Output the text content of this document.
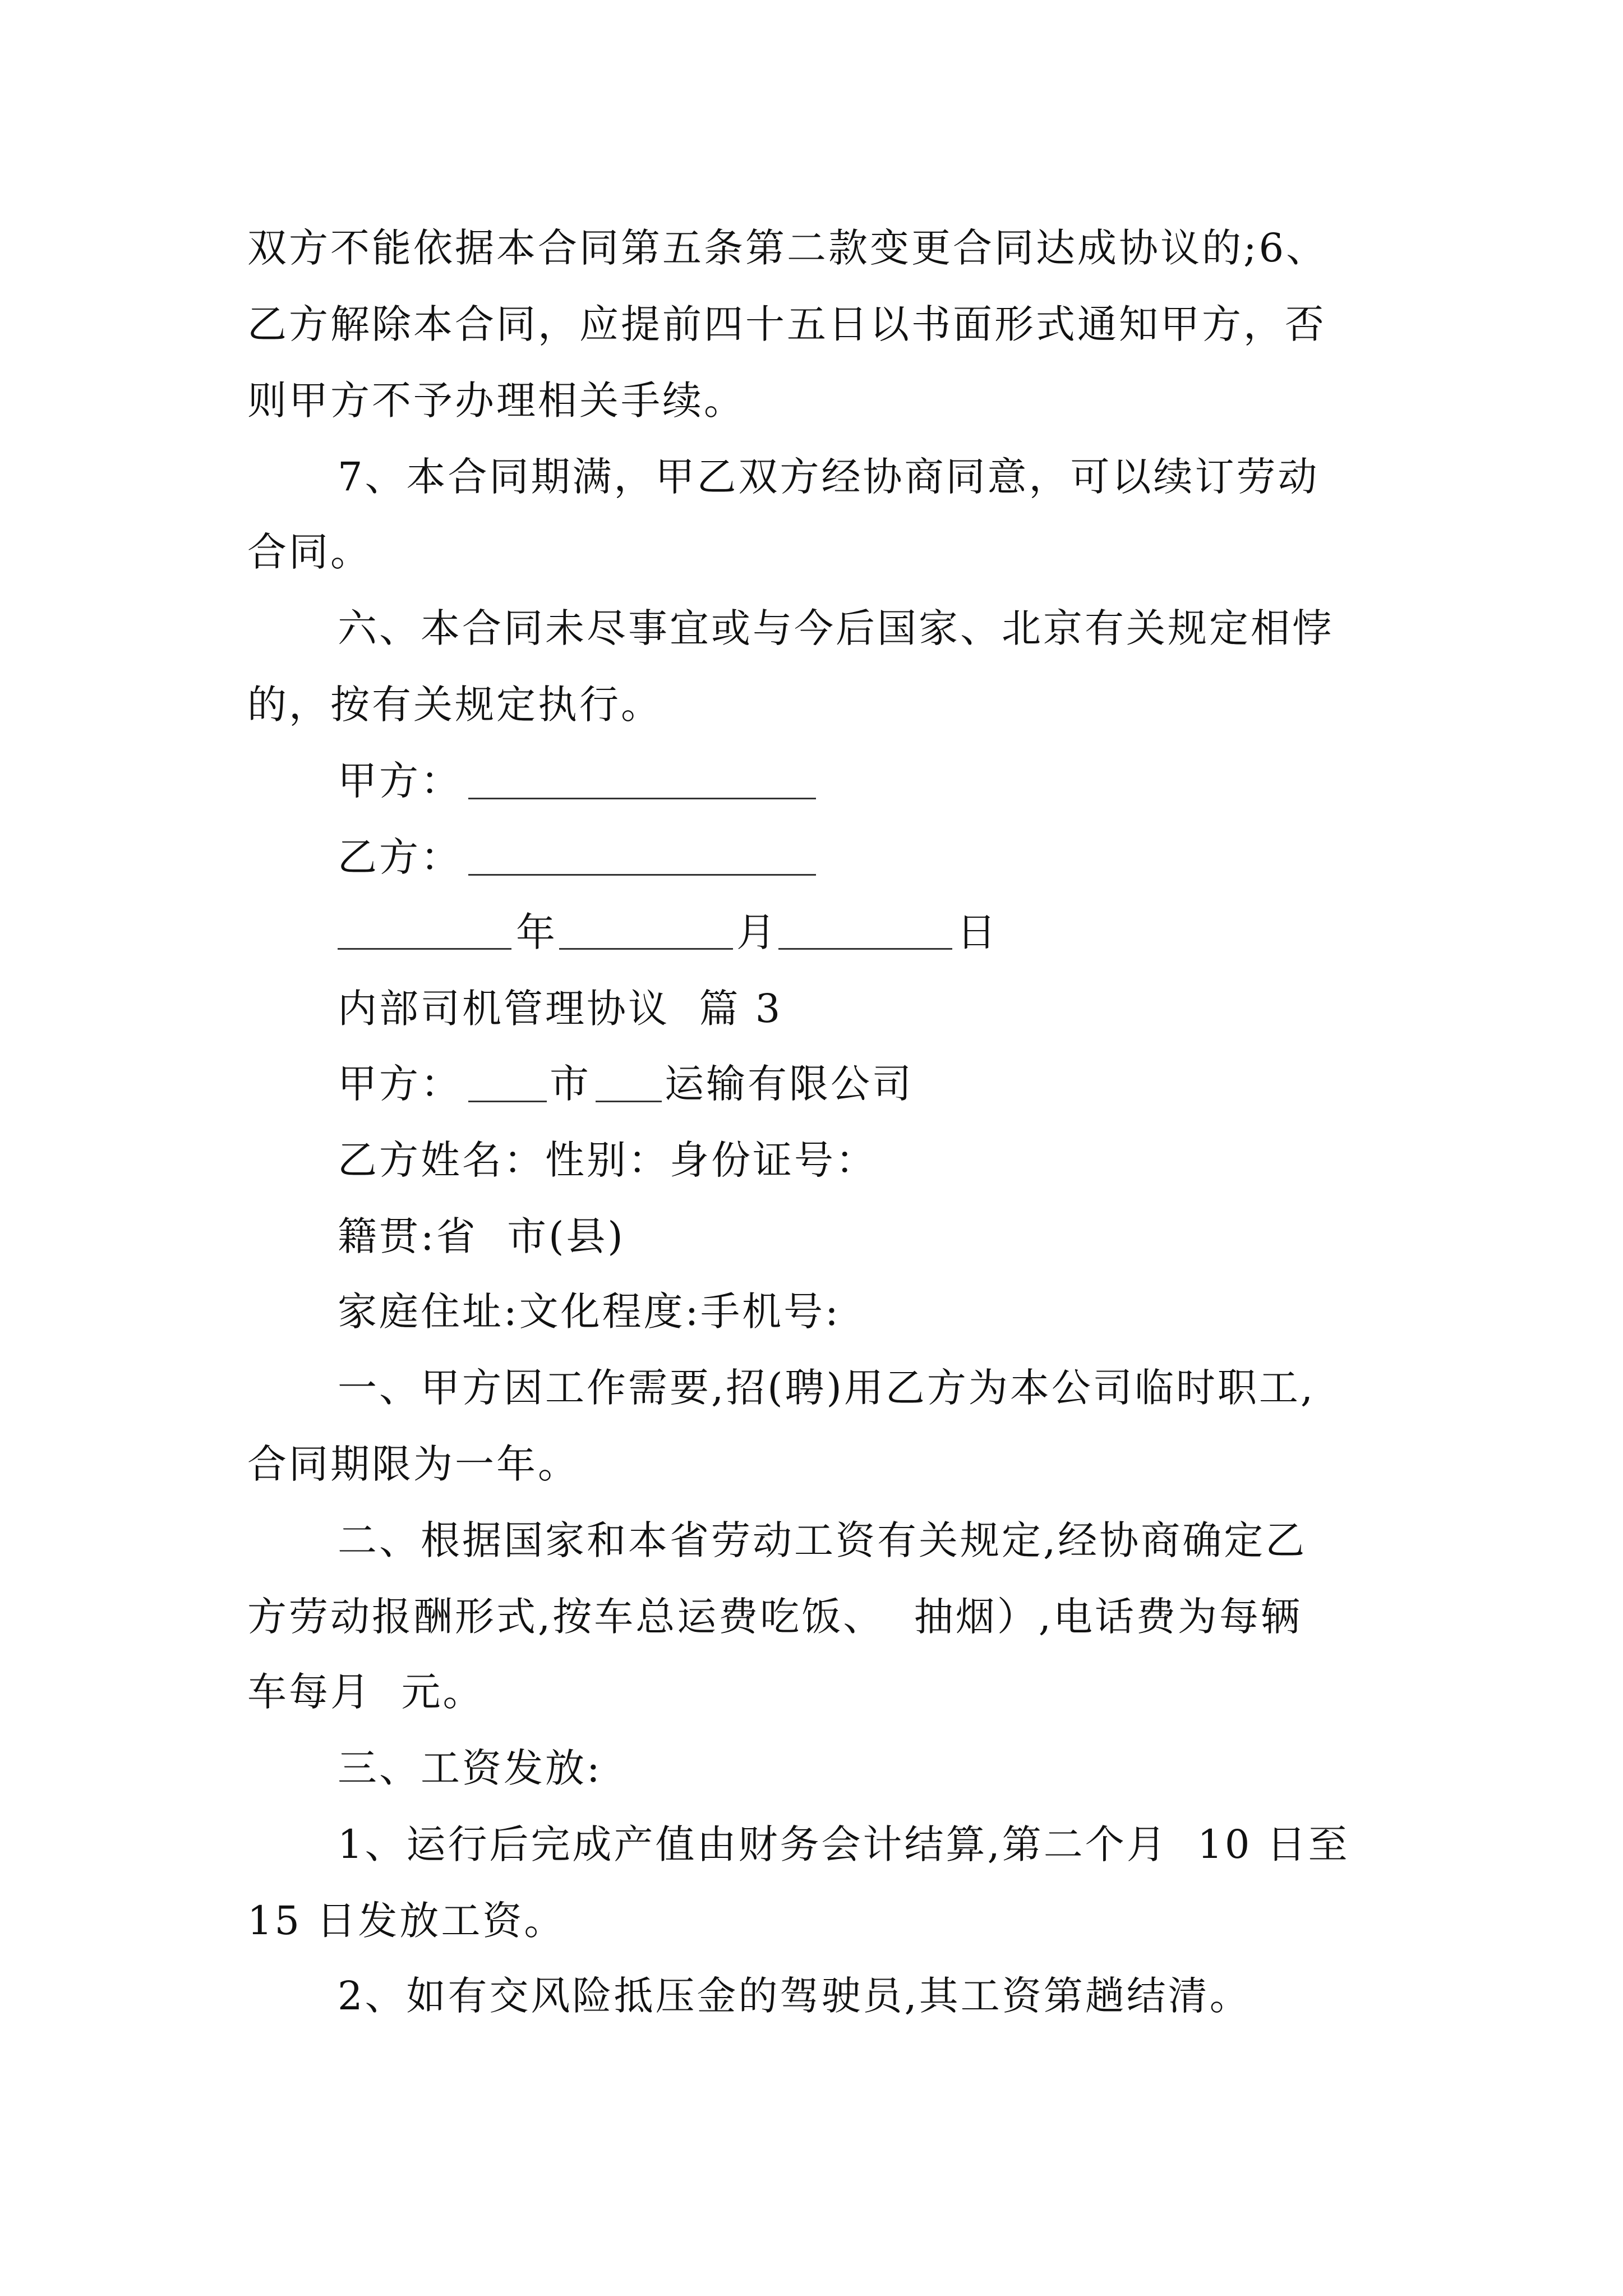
双方不能依据本合同第五条第二款变更合同达成协议的;6、
乙方解除本合同，应提前四十五日以书面形式通知甲方，否
则甲方不予办理相关手续。
7、本合同期满，甲乙双方经协商同意，可以续订劳动
合同。
六、本合同未尽事宜或与今后国家、北京有关规定相悖
的，按有关规定执行。
甲方：
乙方：
年	月	日
内部司机管理协议  篇 3
甲方：	市	运输有限公司
乙方姓名：性别：身份证号：
籍贯:省  市(县)
家庭住址:文化程度:手机号:
一、甲方因工作需要,招(聘)用乙方为本公司临时职工,
合同期限为一年。
二、根据国家和本省劳动工资有关规定,经协商确定乙
方劳动报酬形式,按车总运费吃饭、  抽烟）,电话费为每辆
车每月  元。
三、工资发放:
1、运行后完成产值由财务会计结算,第二个月  10 日至
15 日发放工资。
2、如有交风险抵压金的驾驶员,其工资第趟结清。
